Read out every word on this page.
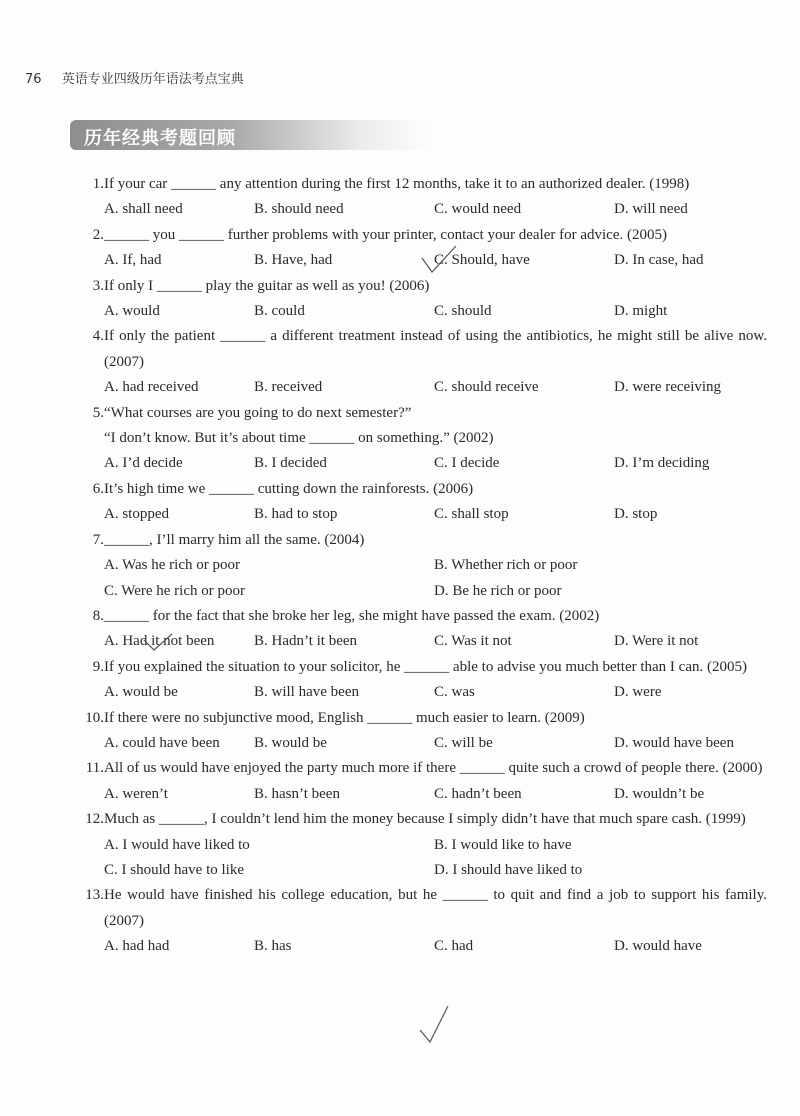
76 英语专业四级历年语法考点宝典
历年经典考题回顾
1. If your car ______ any attention during the first 12 months, take it to an authorized dealer. (1998)
A. shall need	B. should need	C. would need	D. will need
2. ______ you ______ further problems with your printer, contact your dealer for advice. (2005)
A. If, had	B. Have, had	C. Should, have	D. In case, had
3. If only I ______ play the guitar as well as you! (2006)
A. would	B. could	C. should	D. might
4. If only the patient ______ a different treatment instead of using the antibiotics, he might still be alive now. (2007)
A. had received	B. received	C. should receive	D. were receiving
5. “What courses are you going to do next semester?”
“I don’t know. But it’s about time ______ on something.” (2002)
A. I’d decide	B. I decided	C. I decide	D. I’m deciding
6. It’s high time we ______ cutting down the rainforests. (2006)
A. stopped	B. had to stop	C. shall stop	D. stop
7. ______, I’ll marry him all the same. (2004)
A. Was he rich or poor	B. Whether rich or poor
C. Were he rich or poor	D. Be he rich or poor
8. ______ for the fact that she broke her leg, she might have passed the exam. (2002)
A. Had it not been	B. Hadn’t it been	C. Was it not	D. Were it not
9. If you explained the situation to your solicitor, he ______ able to advise you much better than I can. (2005)
A. would be	B. will have been	C. was	D. were
10. If there were no subjunctive mood, English ______ much easier to learn. (2009)
A. could have been	B. would be	C. will be	D. would have been
11. All of us would have enjoyed the party much more if there ______ quite such a crowd of people there. (2000)
A. weren’t	B. hasn’t been	C. hadn’t been	D. wouldn’t be
12. Much as ______, I couldn’t lend him the money because I simply didn’t have that much spare cash. (1999)
A. I would have liked to	B. I would like to have
C. I should have to like	D. I should have liked to
13. He would have finished his college education, but he ______ to quit and find a job to support his family. (2007)
A. had had	B. has	C. had	D. would have
